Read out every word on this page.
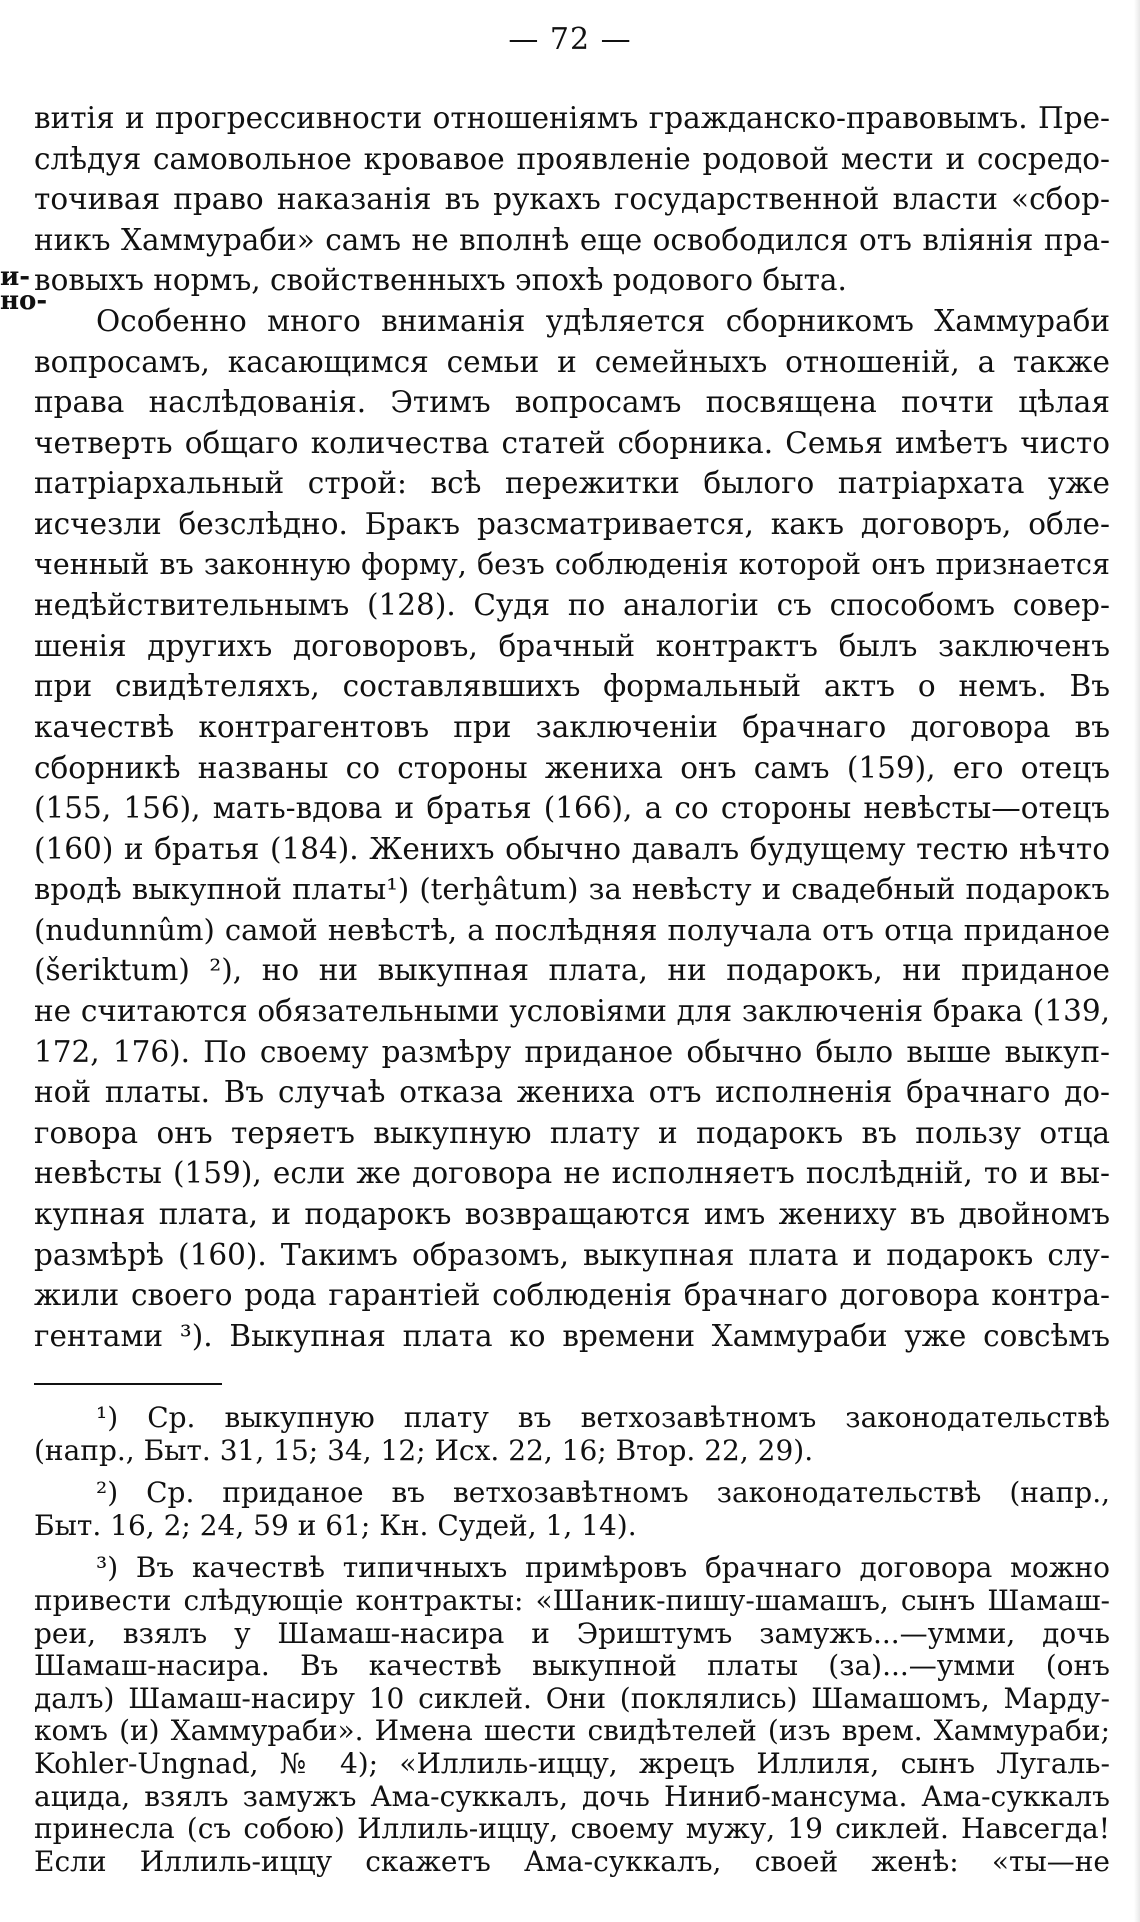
— 72 —
и-
но-
витія и прогрессивности отношеніямъ гражданско-правовымъ. Пре-
слѣдуя самовольное кровавое проявленіе родовой мести и сосредо-
точивая право наказанія въ рукахъ государственной власти «сбор-
никъ Хаммураби» самъ не вполнѣ еще освободился отъ вліянія пра-
вовыхъ нормъ, свойственныхъ эпохѣ родового быта.
Особенно много вниманія удѣляется сборникомъ Хаммураби
вопросамъ, касающимся семьи и семейныхъ отношеній, а также
права наслѣдованія. Этимъ вопросамъ посвящена почти цѣлая
четверть общаго количества статей сборника. Семья имѣетъ чисто
патріархальный строй: всѣ пережитки былого патріархата уже
исчезли безслѣдно. Бракъ разсматривается, какъ договоръ, обле-
ченный въ законную форму, безъ соблюденія которой онъ признается
недѣйствительнымъ (128). Судя по аналогіи съ способомъ совер-
шенія другихъ договоровъ, брачный контрактъ былъ заключенъ
при свидѣтеляхъ, составлявшихъ формальный актъ о немъ. Въ
качествѣ контрагентовъ при заключеніи брачнаго договора въ
сборникѣ названы со стороны жениха онъ самъ (159), его отецъ
(155, 156), мать-вдова и братья (166), а со стороны невѣсты—отецъ
(160) и братья (184). Женихъ обычно давалъ будущему тестю нѣчто
вродѣ выкупной платы¹) (terḫâtum) за невѣсту и свадебный подарокъ
(nudunnûm) самой невѣстѣ, а послѣдняя получала отъ отца приданое
(šeriktum) ²), но ни выкупная плата, ни подарокъ, ни приданое
не считаются обязательными условіями для заключенія брака (139,
172, 176). По своему размѣру приданое обычно было выше выкуп-
ной платы. Въ случаѣ отказа жениха отъ исполненія брачнаго до-
говора онъ теряетъ выкупную плату и подарокъ въ пользу отца
невѣсты (159), если же договора не исполняетъ послѣдній, то и вы-
купная плата, и подарокъ возвращаются имъ жениху въ двойномъ
размѣрѣ (160). Такимъ образомъ, выкупная плата и подарокъ слу-
жили своего рода гарантіей соблюденія брачнаго договора контра-
гентами ³). Выкупная плата ко времени Хаммураби уже совсѣмъ
¹) Ср. выкупную плату въ ветхозавѣтномъ законодательствѣ
(напр., Быт. 31, 15; 34, 12; Исх. 22, 16; Втор. 22, 29).
²) Ср. приданое въ ветхозавѣтномъ законодательствѣ (напр.,
Быт. 16, 2; 24, 59 и 61; Кн. Судей, 1, 14).
³) Въ качествѣ типичныхъ примѣровъ брачнаго договора можно
привести слѣдующіе контракты: «Шаник-пишу-шамашъ, сынъ Шамаш-
реи, взялъ у Шамаш-насира и Эриштумъ замужъ...—умми, дочь
Шамаш-насира. Въ качествѣ выкупной платы (за)...—умми (онъ
далъ) Шамаш-насиру 10 сиклей. Они (поклялись) Шамашомъ, Марду-
комъ (и) Хаммураби». Имена шести свидѣтелей (изъ врем. Хаммураби;
Kohler-Ungnad, № 4); «Иллиль-иццу, жрецъ Иллиля, сынъ Лугаль-
ацида, взялъ замужъ Ама-суккалъ, дочь Ниниб-мансума. Ама-суккалъ
принесла (съ собою) Иллиль-иццу, своему мужу, 19 сиклей. Навсегда!
Если Иллиль-иццу скажетъ Ама-суккалъ, своей женѣ: «ты—не
